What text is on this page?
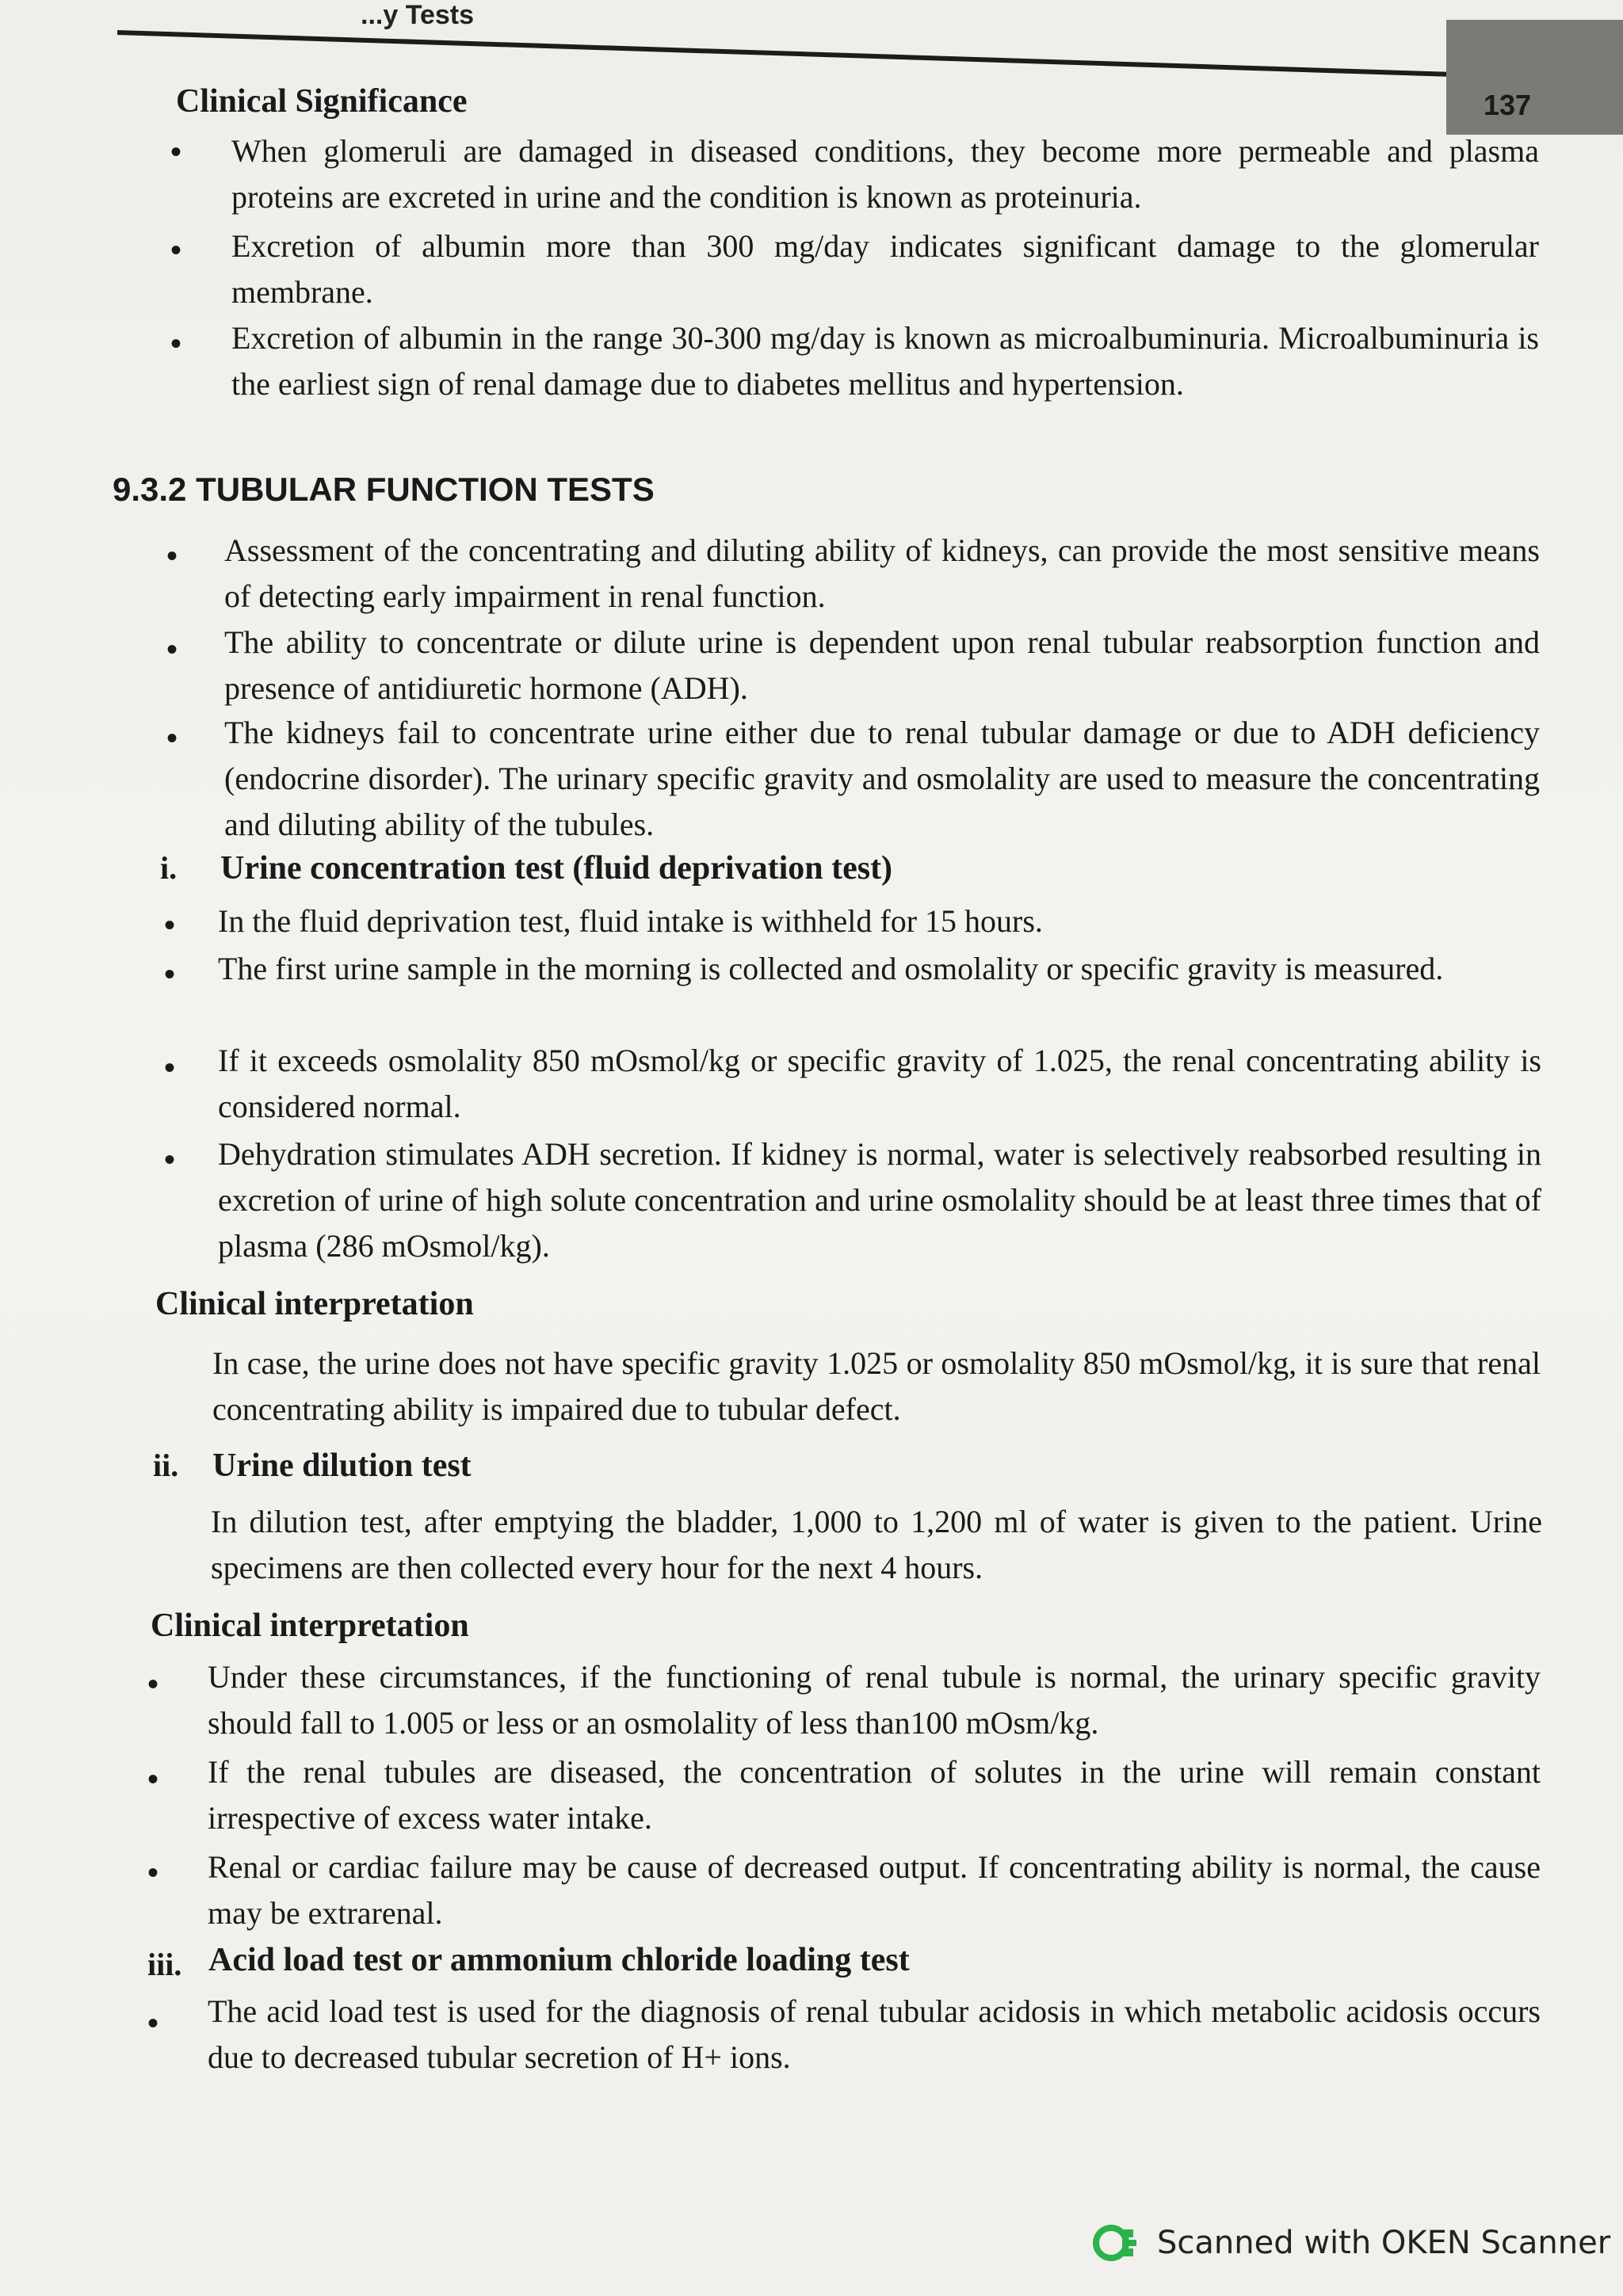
...y Tests
137
Clinical Significance
• When glomeruli are damaged in diseased conditions, they become more permeable and plasma proteins are excreted in urine and the condition is known as proteinuria.

• Excretion of albumin more than 300 mg/day indicates significant damage to the glomerular membrane.

• Excretion of albumin in the range 30-300 mg/day is known as microalbuminuria. Microalbuminuria is the earliest sign of renal damage due to diabetes mellitus and hypertension.

9.3.2 TUBULAR FUNCTION TESTS
• Assessment of the concentrating and diluting ability of kidneys, can provide the most sensitive means of detecting early impairment in renal function.

• The ability to concentrate or dilute urine is dependent upon renal tubular reabsorption function and presence of antidiuretic hormone (ADH).

• The kidneys fail to concentrate urine either due to renal tubular damage or due to ADH deficiency (endocrine disorder). The urinary specific gravity and osmolality are used to measure the concentrating and diluting ability of the tubules.

i. Urine concentration test (fluid deprivation test)
• In the fluid deprivation test, fluid intake is withheld for 15 hours.

• The first urine sample in the morning is collected and osmolality or specific gravity is measured.

• If it exceeds osmolality 850 mOsmol/kg or specific gravity of 1.025, the renal concentrating ability is considered normal.

• Dehydration stimulates ADH secretion. If kidney is normal, water is selectively reabsorbed resulting in excretion of urine of high solute concentration and urine osmolality should be at least three times that of plasma (286 mOsmol/kg).

Clinical interpretation

In case, the urine does not have specific gravity 1.025 or osmolality 850 mOsmol/kg, it is sure that renal concentrating ability is impaired due to tubular defect.

ii. Urine dilution test

In dilution test, after emptying the bladder, 1,000 to 1,200 ml of water is given to the patient. Urine specimens are then collected every hour for the next 4 hours.

Clinical interpretation
• Under these circumstances, if the functioning of renal tubule is normal, the urinary specific gravity should fall to 1.005 or less or an osmolality of less than100 mOsm/kg.

• If the renal tubules are diseased, the concentration of solutes in the urine will remain constant irrespective of excess water intake.

• Renal or cardiac failure may be cause of decreased output. If concentrating ability is normal, the cause may be extrarenal.

iii. Acid load test or ammonium chloride loading test
• The acid load test is used for the diagnosis of renal tubular acidosis in which metabolic acidosis occurs due to decreased tubular secretion of H+ ions.

Scanned with OKEN Scanner
